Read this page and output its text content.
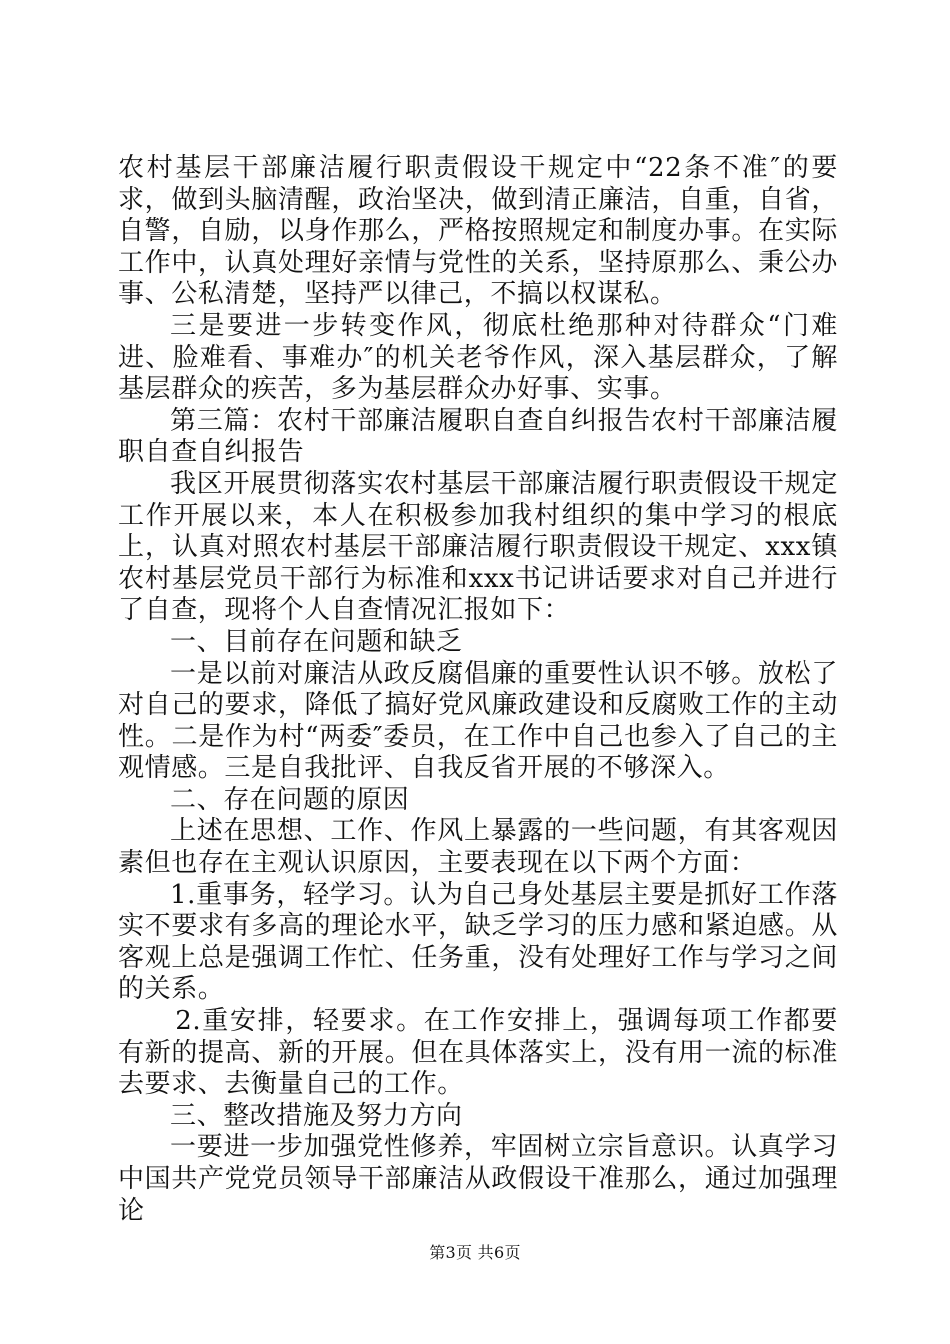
农村基层干部廉洁履行职责假设干规定中“22条不准″的要求，做到头脑清醒，政治坚决，做到清正廉洁，自重，自省，自警，自励，以身作那么，严格按照规定和制度办事。在实际工作中，认真处理好亲情与党性的关系，坚持原那么、秉公办事、公私清楚，坚持严以律己，不搞以权谋私。

三是要进一步转变作风，彻底杜绝那种对待群众“门难进、脸难看、事难办″的机关老爷作风，深入基层群众，了解基层群众的疾苦，多为基层群众办好事、实事。

第三篇：农村干部廉洁履职自查自纠报告农村干部廉洁履职自查自纠报告

我区开展贯彻落实农村基层干部廉洁履行职责假设干规定工作开展以来，本人在积极参加我村组织的集中学习的根底上，认真对照农村基层干部廉洁履行职责假设干规定、xxx镇农村基层党员干部行为标准和xxx书记讲话要求对自己并进行了自查，现将个人自查情况汇报如下：

一、目前存在问题和缺乏

一是以前对廉洁从政反腐倡廉的重要性认识不够。放松了对自己的要求，降低了搞好党风廉政建设和反腐败工作的主动性。二是作为村“两委″委员，在工作中自己也参入了自己的主观情感。三是自我批评、自我反省开展的不够深入。

二、存在问题的原因

上述在思想、工作、作风上暴露的一些问题，有其客观因素但也存在主观认识原因，主要表现在以下两个方面：

1.重事务，轻学习。认为自己身处基层主要是抓好工作落实不要求有多高的理论水平，缺乏学习的压力感和紧迫感。从客观上总是强调工作忙、任务重，没有处理好工作与学习之间的关系。

2.重安排，轻要求。在工作安排上，强调每项工作都要有新的提高、新的开展。但在具体落实上，没有用一流的标准去要求、去衡量自己的工作。

三、整改措施及努力方向

一要进一步加强党性修养，牢固树立宗旨意识。认真学习中国共产党党员领导干部廉洁从政假设干准那么，通过加强理论

第3页 共6页
